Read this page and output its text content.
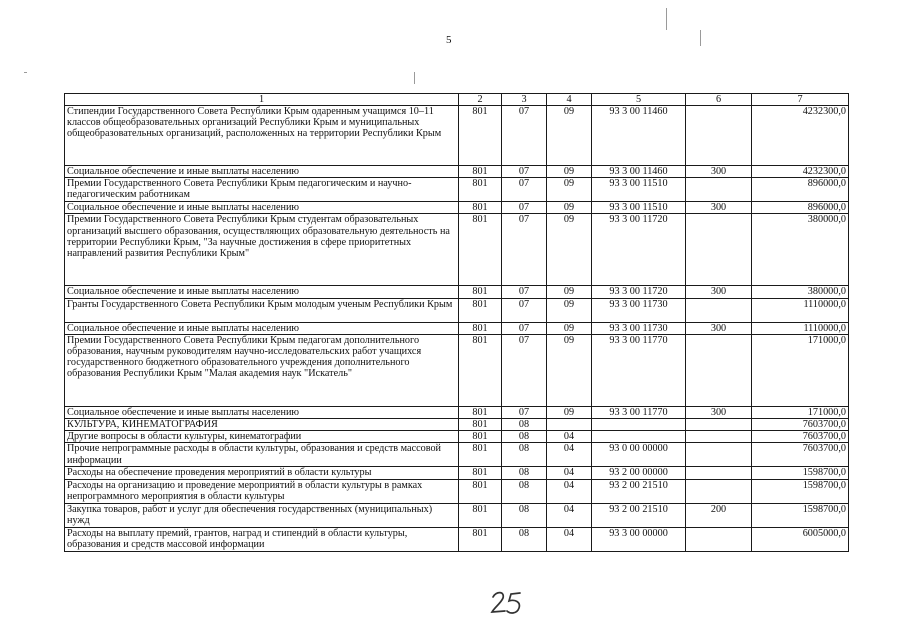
5
1	2	3	4	5	6	7
Стипендии Государственного Совета Республики Крым одаренным учащимся 10–11 классов общеобразовательных организаций Республики Крым и муниципальных общеобразовательных организаций, расположенных на территории Республики Крым	801	07	09	93 3 00 11460		4232300,0
Социальное обеспечение и иные выплаты населению	801	07	09	93 3 00 11460	300	4232300,0
Премии Государственного Совета Республики Крым педагогическим и научно-педагогическим работникам	801	07	09	93 3 00 11510		896000,0
Социальное обеспечение и иные выплаты населению	801	07	09	93 3 00 11510	300	896000,0
Премии Государственного Совета Республики Крым студентам образовательных организаций высшего образования, осуществляющих образовательную деятельность на территории Республики Крым, "За научные достижения в сфере приоритетных направлений развития Республики Крым"	801	07	09	93 3 00 11720		380000,0
Социальное обеспечение и иные выплаты населению	801	07	09	93 3 00 11720	300	380000,0
Гранты Государственного Совета Республики Крым молодым ученым Республики Крым	801	07	09	93 3 00 11730		1110000,0
Социальное обеспечение и иные выплаты населению	801	07	09	93 3 00 11730	300	1110000,0
Премии Государственного Совета Республики Крым педагогам дополнительного образования, научным руководителям научно-исследовательских работ учащихся государственного бюджетного образовательного учреждения дополнительного образования Республики Крым "Малая академия наук "Искатель"	801	07	09	93 3 00 11770		171000,0
Социальное обеспечение и иные выплаты населению	801	07	09	93 3 00 11770	300	171000,0
КУЛЬТУРА, КИНЕМАТОГРАФИЯ	801	08				7603700,0
Другие вопросы в области культуры, кинематографии	801	08	04			7603700,0
Прочие непрограммные расходы в области культуры, образования и средств массовой информации	801	08	04	93 0 00 00000		7603700,0
Расходы на обеспечение проведения мероприятий в области культуры	801	08	04	93 2 00 00000		1598700,0
Расходы на организацию и проведение мероприятий в области культуры в рамках непрограммного мероприятия в области культуры	801	08	04	93 2 00 21510		1598700,0
Закупка товаров, работ и услуг для обеспечения государственных (муниципальных) нужд	801	08	04	93 2 00 21510	200	1598700,0
Расходы на выплату премий, грантов, наград и стипендий в области культуры, образования и средств массовой информации	801	08	04	93 3 00 00000		6005000,0
